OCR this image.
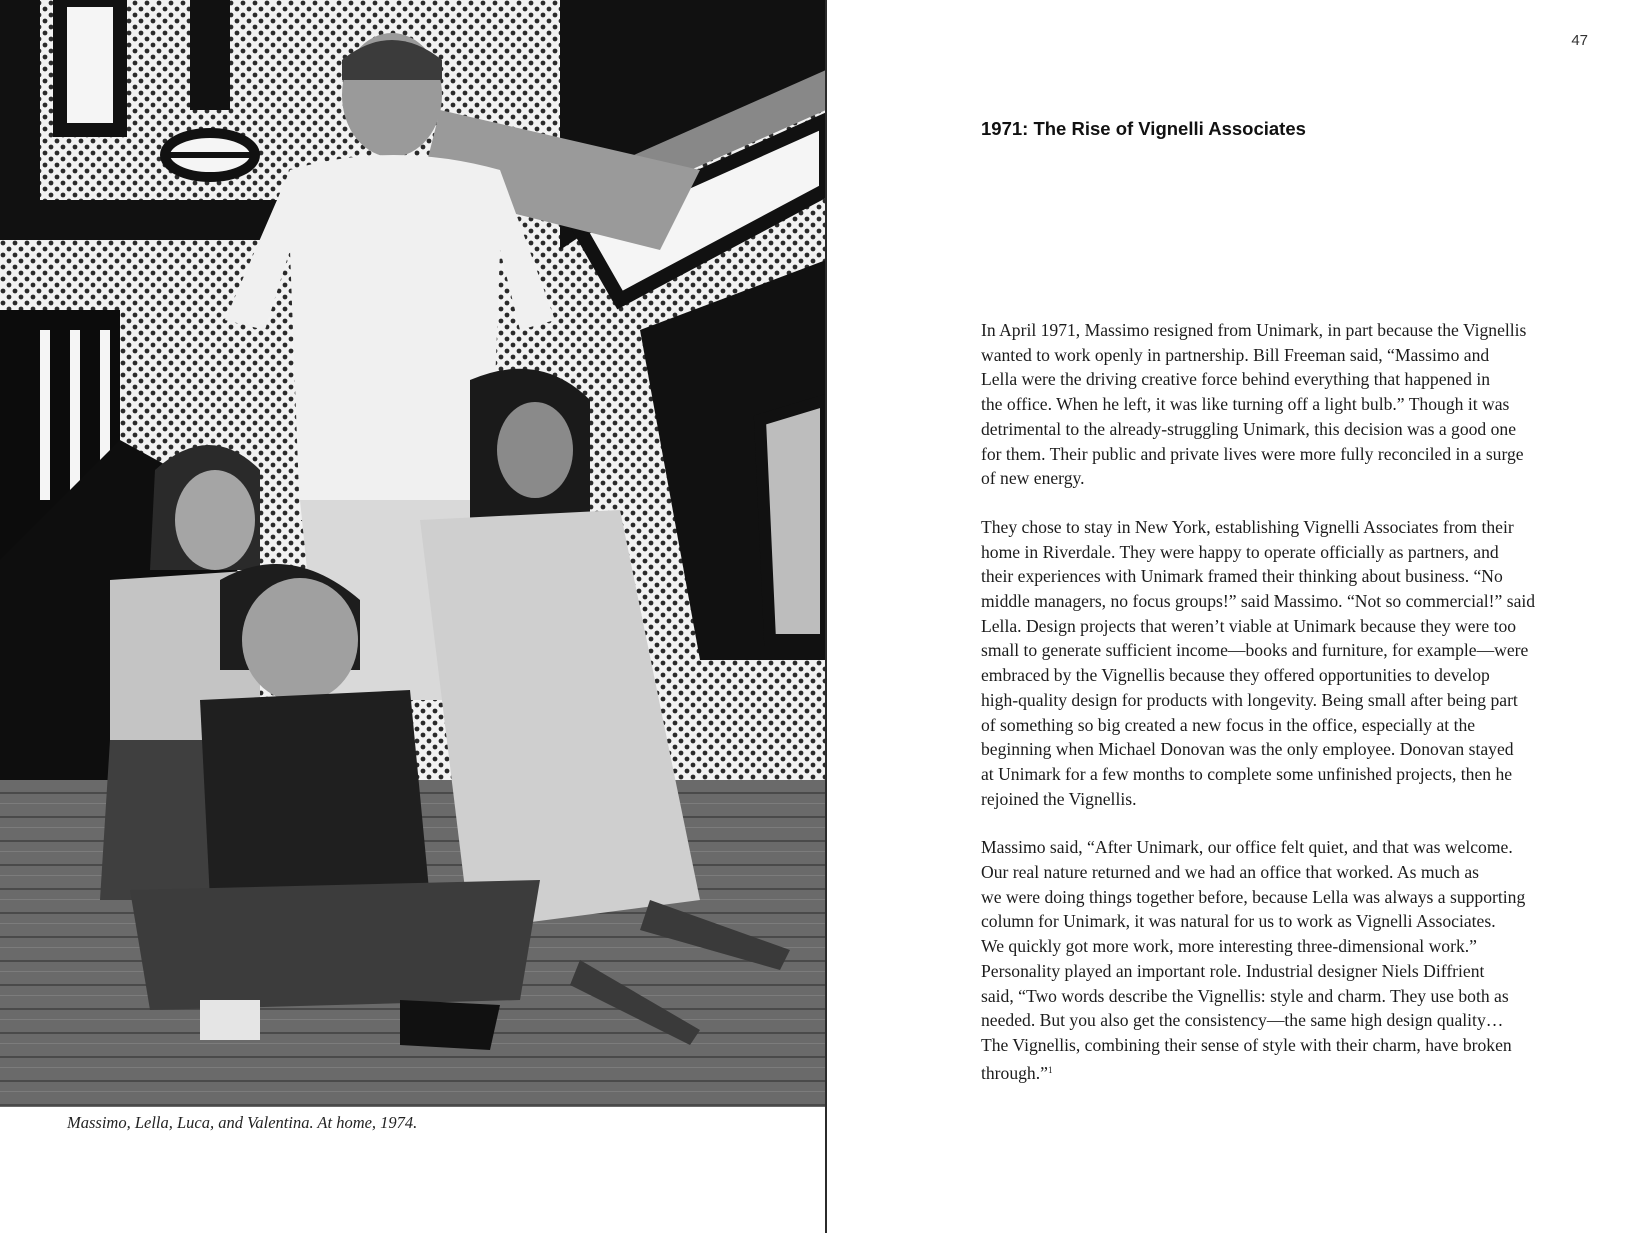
Massimo, Lella, Luca, and Valentina. At home, 1974.
47
1971: The Rise of Vignelli Associates

In April 1971, Massimo resigned from Unimark, in part because the Vignellis
wanted to work openly in partnership. Bill Freeman said, “Massimo and
Lella were the driving creative force behind everything that happened in
the office. When he left, it was like turning off a light bulb.” Though it was
detrimental to the already-struggling Unimark, this decision was a good one
for them. Their public and private lives were more fully reconciled in a surge
of new energy.

They chose to stay in New York, establishing Vignelli Associates from their
home in Riverdale. They were happy to operate officially as partners, and
their experiences with Unimark framed their thinking about business. “No
middle managers, no focus groups!” said Massimo. “Not so commercial!” said
Lella. Design projects that weren’t viable at Unimark because they were too
small to generate sufficient income—books and furniture, for example—were
embraced by the Vignellis because they offered opportunities to develop
high-quality design for products with longevity. Being small after being part
of something so big created a new focus in the office, especially at the
beginning when Michael Donovan was the only employee. Donovan stayed
at Unimark for a few months to complete some unfinished projects, then he
rejoined the Vignellis.

Massimo said, “After Unimark, our office felt quiet, and that was welcome.
Our real nature returned and we had an office that worked. As much as
we were doing things together before, because Lella was always a supporting
column for Unimark, it was natural for us to work as Vignelli Associates.
We quickly got more work, more interesting three-dimensional work.”
Personality played an important role. Industrial designer Niels Diffrient
said, “Two words describe the Vignellis: style and charm. They use both as
needed. But you also get the consistency—the same high design quality…
The Vignellis, combining their sense of style with their charm, have broken
through.”$^1$
